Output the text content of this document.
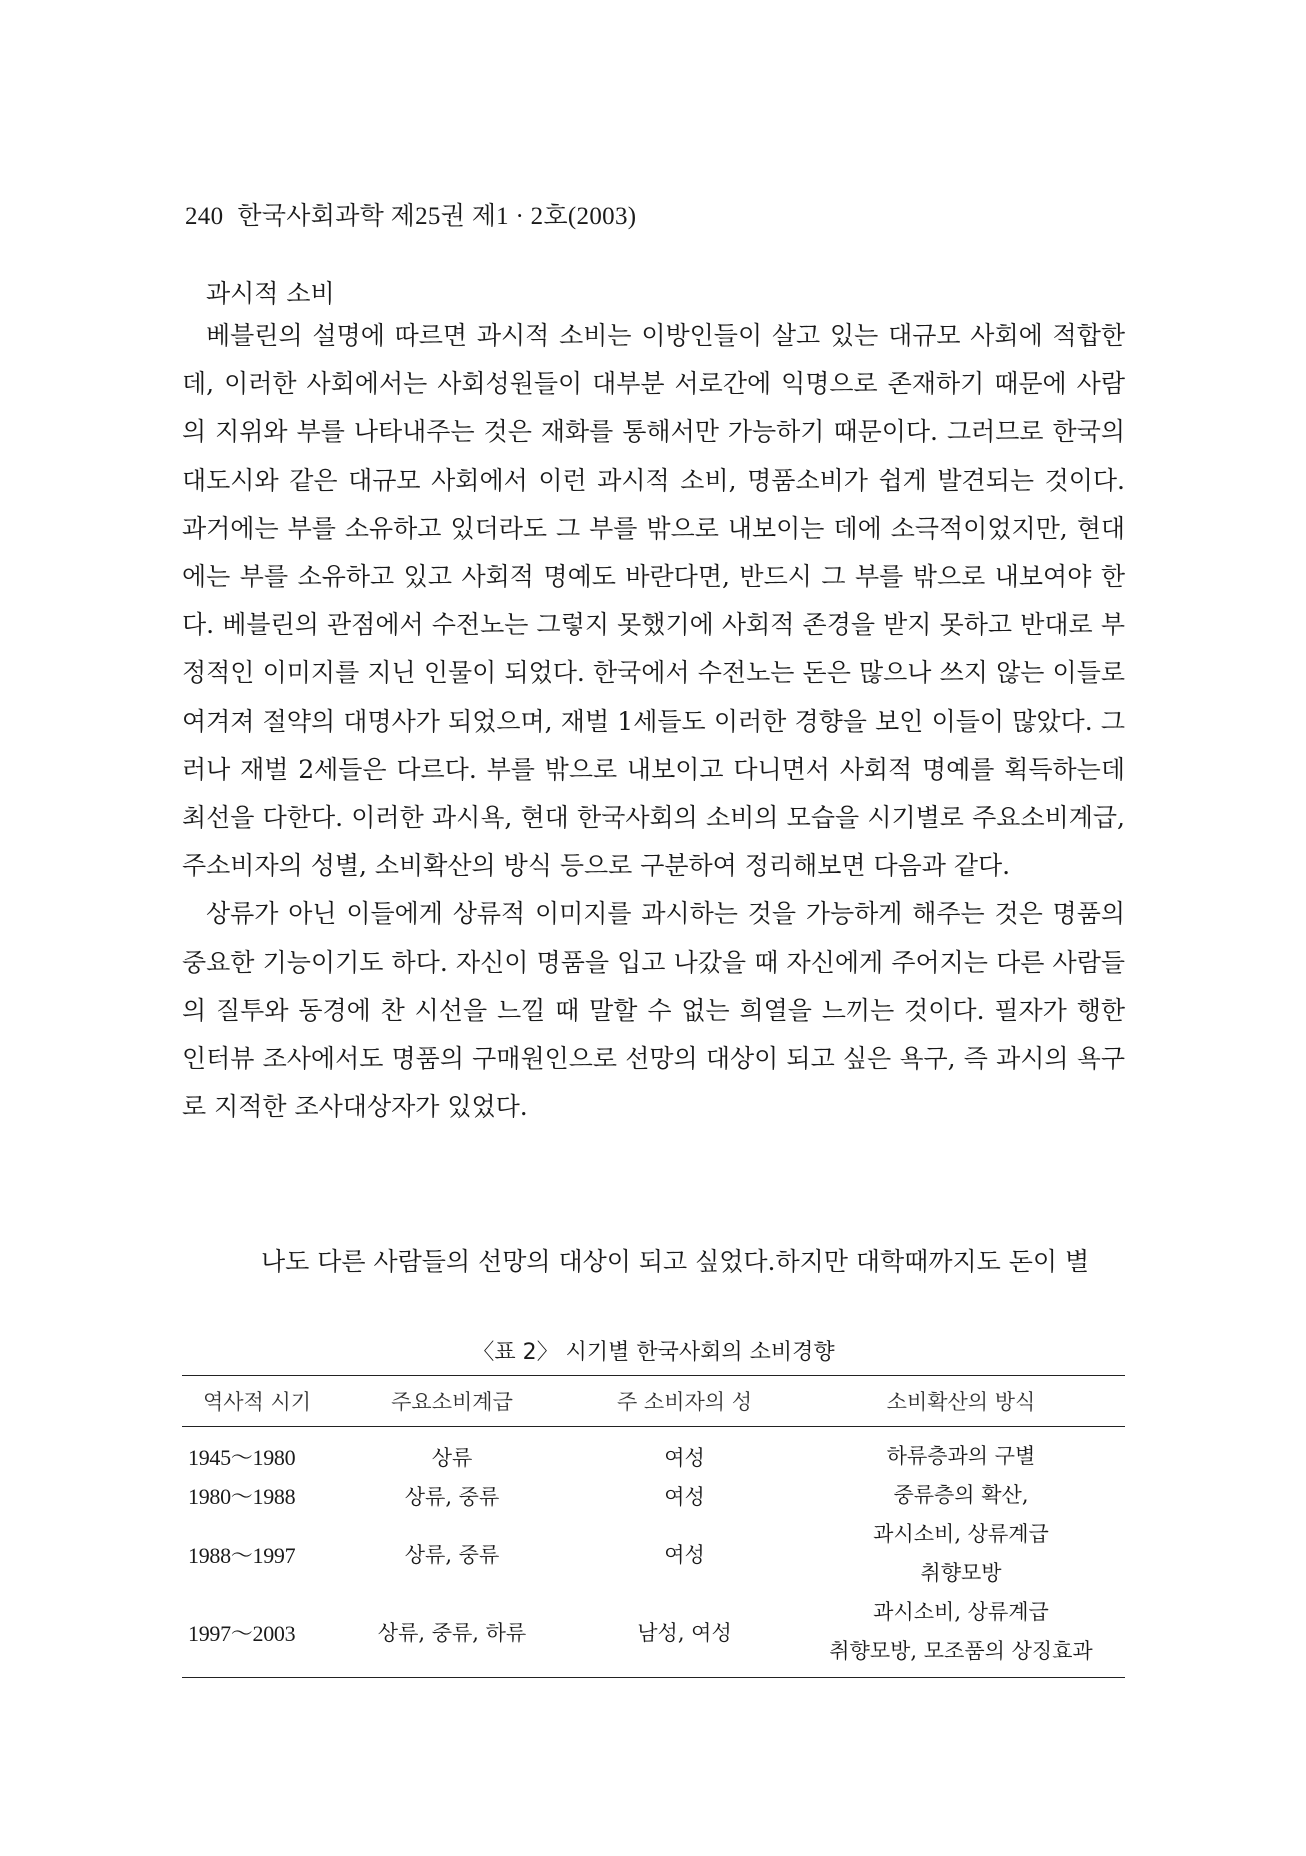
240 한국사회과학 제25권 제1 · 2호(2003)
과시적 소비

베블린의 설명에 따르면 과시적 소비는 이방인들이 살고 있는 대규모 사회에 적합한데, 이러한 사회에서는 사회성원들이 대부분 서로간에 익명으로 존재하기 때문에 사람의 지위와 부를 나타내주는 것은 재화를 통해서만 가능하기 때문이다. 그러므로 한국의 대도시와 같은 대규모 사회에서 이런 과시적 소비, 명품소비가 쉽게 발견되는 것이다. 과거에는 부를 소유하고 있더라도 그 부를 밖으로 내보이는 데에 소극적이었지만, 현대에는 부를 소유하고 있고 사회적 명예도 바란다면, 반드시 그 부를 밖으로 내보여야 한다. 베블린의 관점에서 수전노는 그렇지 못했기에 사회적 존경을 받지 못하고 반대로 부정적인 이미지를 지닌 인물이 되었다. 한국에서 수전노는 돈은 많으나 쓰지 않는 이들로 여겨져 절약의 대명사가 되었으며, 재벌 1세들도 이러한 경향을 보인 이들이 많았다. 그러나 재벌 2세들은 다르다. 부를 밖으로 내보이고 다니면서 사회적 명예를 획득하는데 최선을 다한다. 이러한 과시욕, 현대 한국사회의 소비의 모습을 시기별로 주요소비계급, 주소비자의 성별, 소비확산의 방식 등으로 구분하여 정리해보면 다음과 같다.

상류가 아닌 이들에게 상류적 이미지를 과시하는 것을 가능하게 해주는 것은 명품의 중요한 기능이기도 하다. 자신이 명품을 입고 나갔을 때 자신에게 주어지는 다른 사람들의 질투와 동경에 찬 시선을 느낄 때 말할 수 없는 희열을 느끼는 것이다. 필자가 행한 인터뷰 조사에서도 명품의 구매원인으로 선망의 대상이 되고 싶은 욕구, 즉 과시의 욕구로 지적한 조사대상자가 있었다.

나도 다른 사람들의 선망의 대상이 되고 싶었다.하지만 대학때까지도 돈이 별
〈표 2〉 시기별 한국사회의 소비경향
역사적 시기	주요소비계급	주 소비자의 성	소비확산의 방식
1945～1980	상류	여성	하류층과의 구별

1980～1988	상류, 중류	여성	중류층의 확산,

1988～1997	상류, 중류	여성	과시소비, 상류계급
취향모방

1997～2003	상류, 중류, 하류	남성, 여성	과시소비, 상류계급
취향모방, 모조품의 상징효과
